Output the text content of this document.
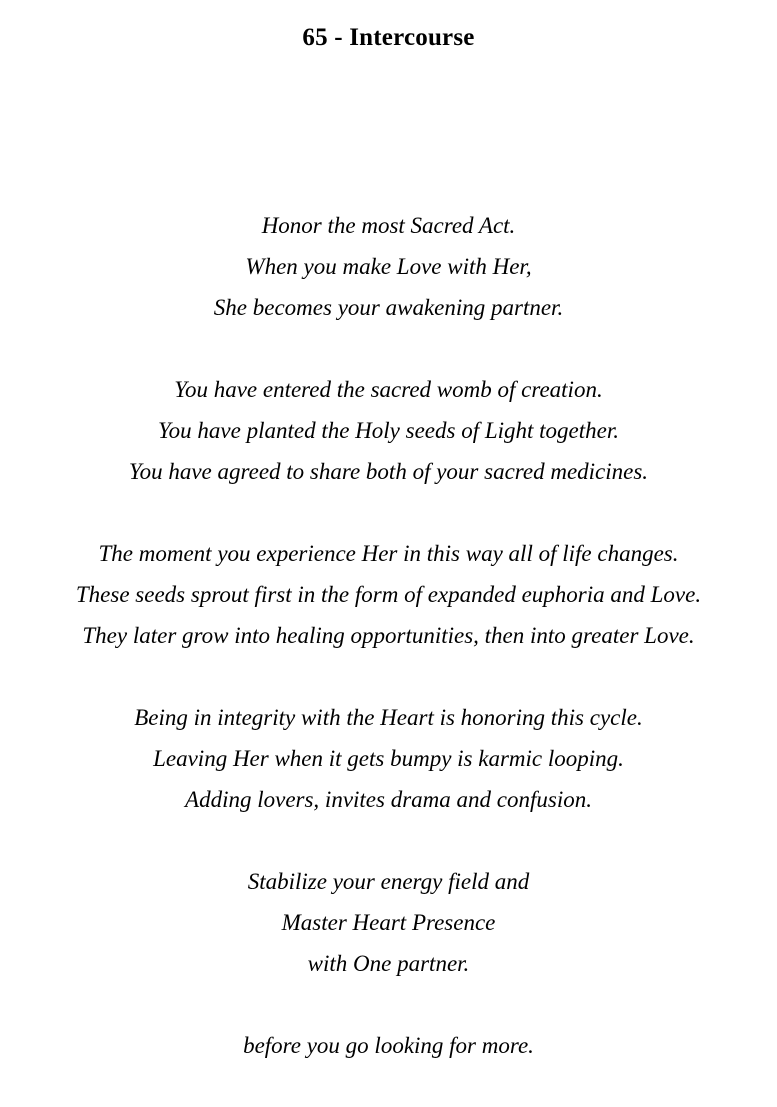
65 - Intercourse
Honor the most Sacred Act.
When you make Love with Her,
She becomes your awakening partner.
You have entered the sacred womb of creation.
You have planted the Holy seeds of Light together.
You have agreed to share both of your sacred medicines.
The moment you experience Her in this way all of life changes.
These seeds sprout first in the form of expanded euphoria and Love.
They later grow into healing opportunities, then into greater Love.
Being in integrity with the Heart is honoring this cycle.
Leaving Her when it gets bumpy is karmic looping.
Adding lovers, invites drama and confusion.
Stabilize your energy field and
Master Heart Presence
with One partner.
before you go looking for more.
